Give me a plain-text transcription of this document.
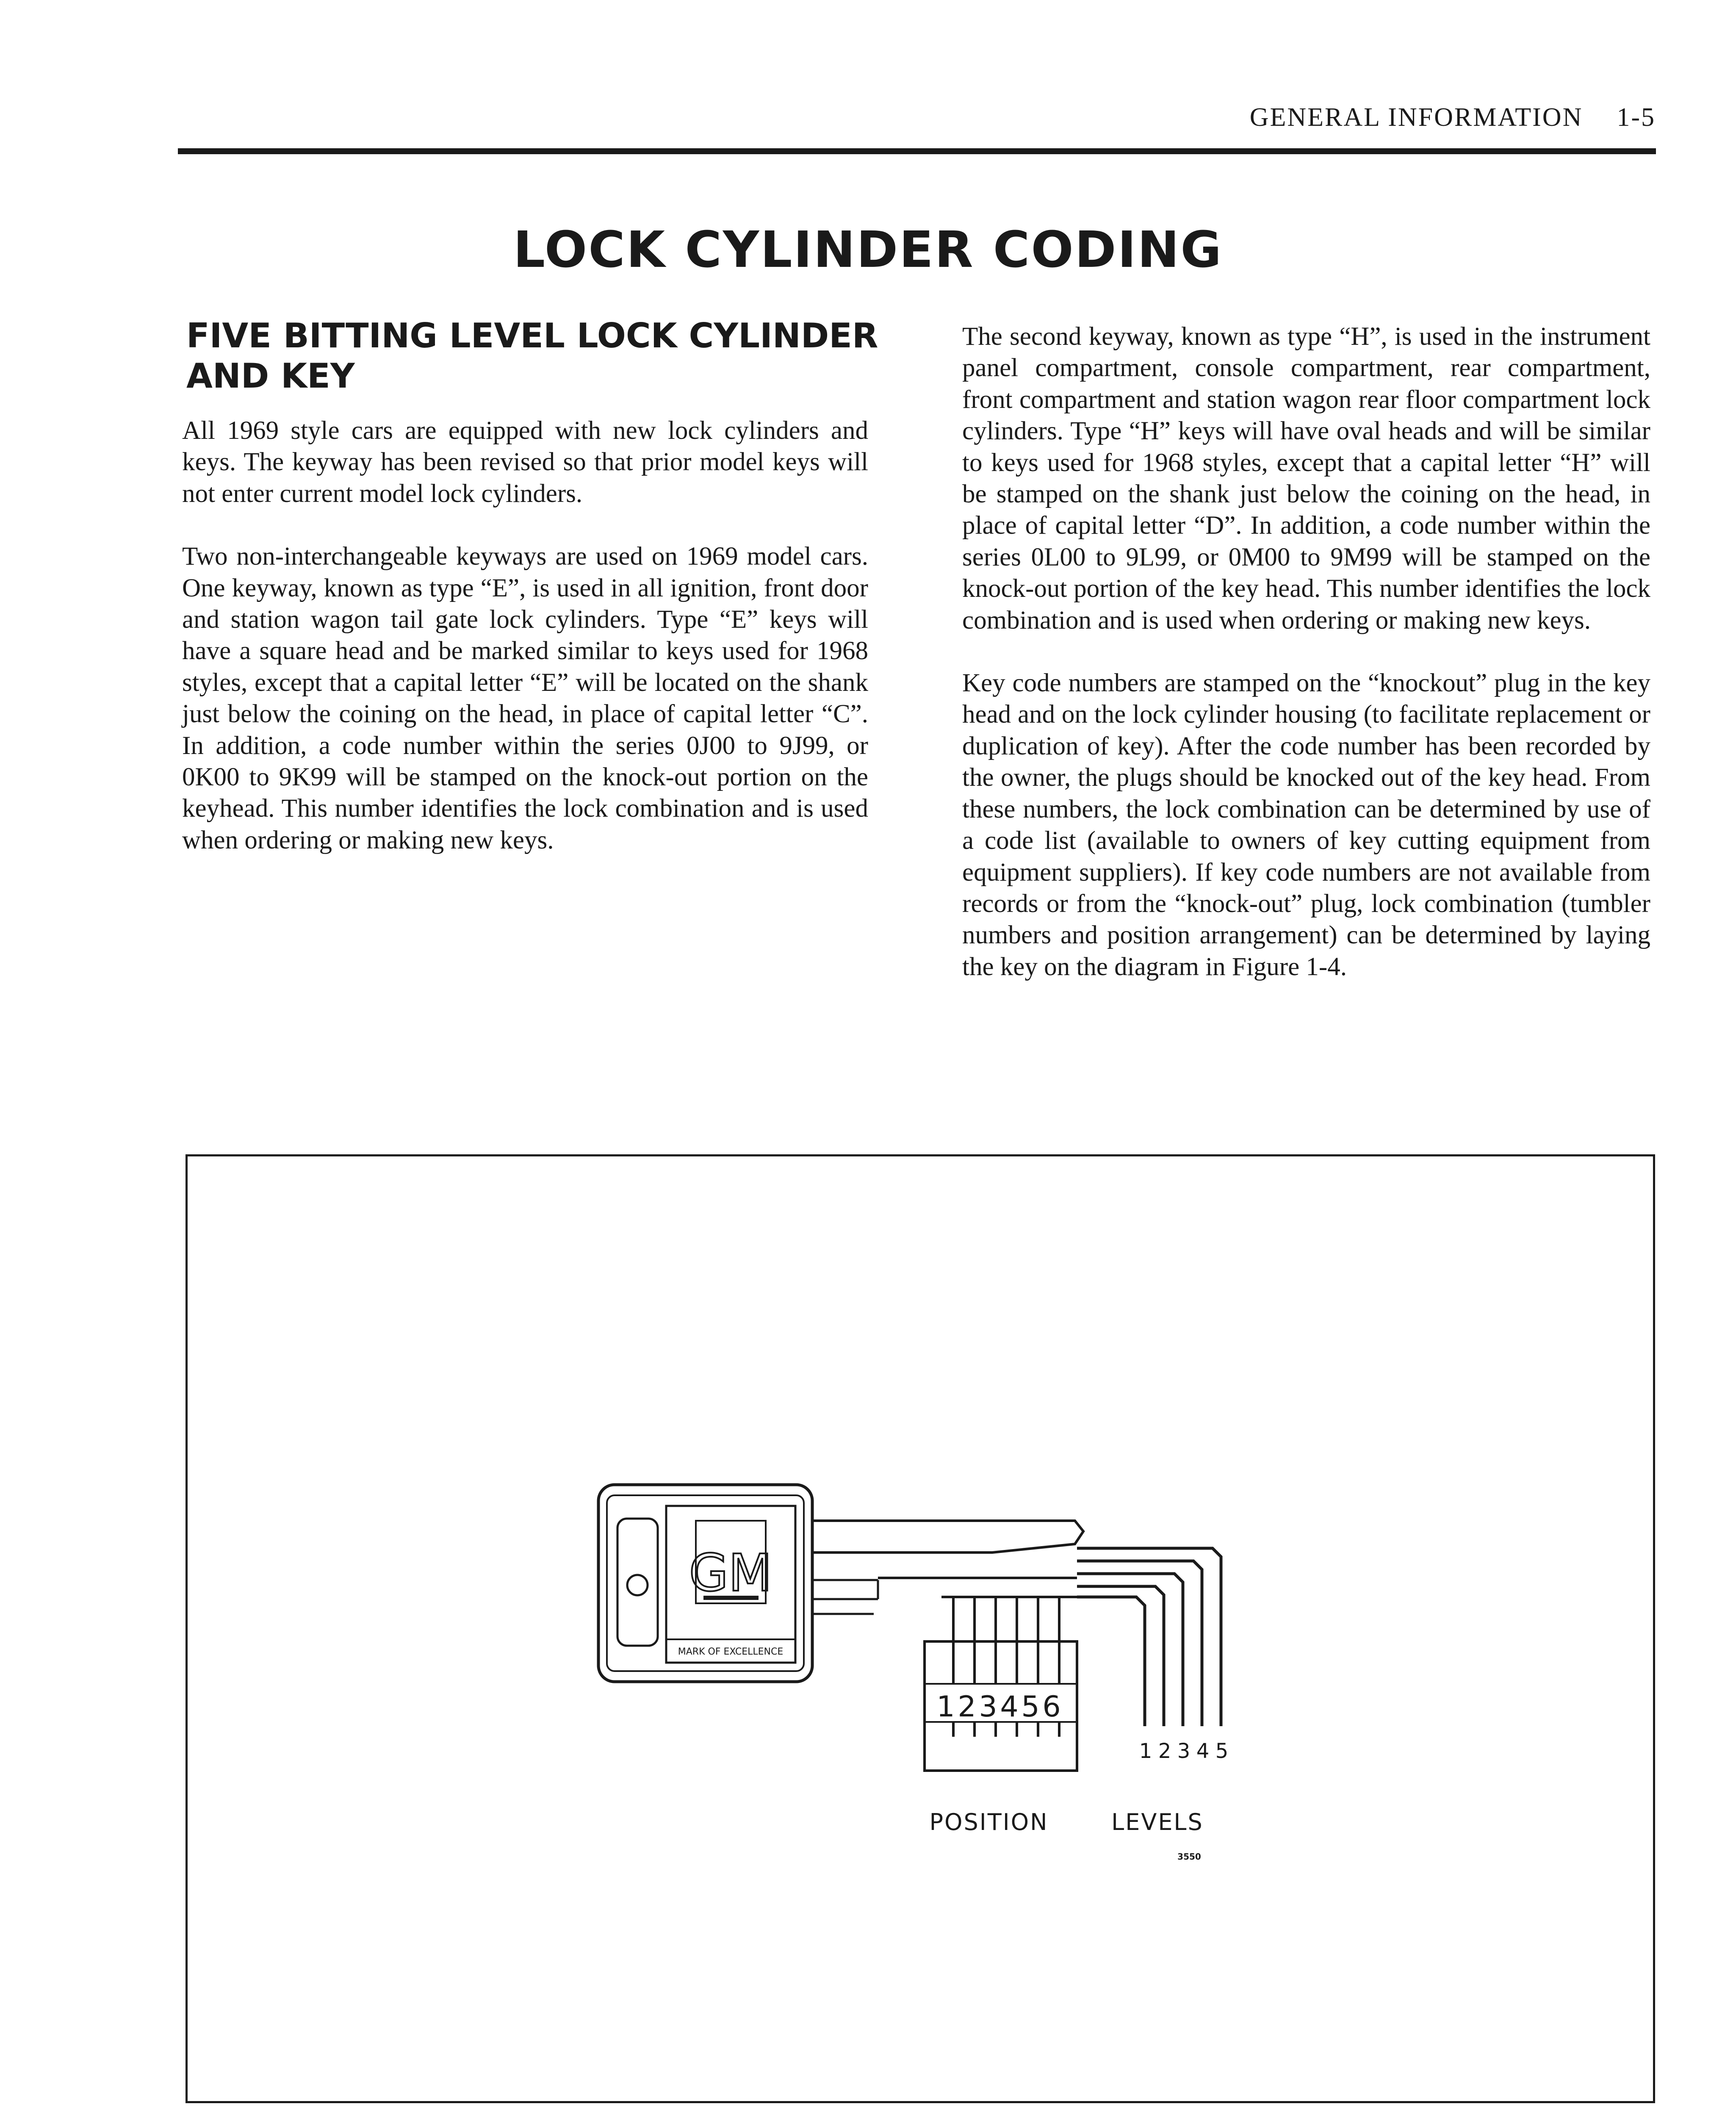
GENERAL INFORMATION 1-5
LOCK CYLINDER CODING
FIVE BITTING LEVEL LOCK CYLINDER
AND KEY

All 1969 style cars are equipped with new lock cylinders and keys. The keyway has been revised so that prior model keys will not enter current model lock cylinders.

Two non-interchangeable keyways are used on 1969 model cars. One keyway, known as type “E”, is used in all ignition, front door and station wagon tail gate lock cylinders. Type “E” keys will have a square head and be marked similar to keys used for 1968 styles, except that a capital letter “E” will be located on the shank just below the coining on the head, in place of capital letter “C”. In addition, a code number within the series 0J00 to 9J99, or 0K00 to 9K99 will be stamped on the knock-out portion on the keyhead. This number identifies the lock combination and is used when ordering or making new keys.

The second keyway, known as type “H”, is used in the instrument panel compartment, console compartment, rear compartment, front compartment and station wagon rear floor compartment lock cylinders. Type “H” keys will have oval heads and will be similar to keys used for 1968 styles, except that a capital letter “H” will be stamped on the shank just below the coining on the head, in place of capital letter “D”. In addition, a code number within the series 0L00 to 9L99, or 0M00 to 9M99 will be stamped on the knock-out portion of the key head. This number identifies the lock combination and is used when ordering or making new keys.

Key code numbers are stamped on the “knockout” plug in the key head and on the lock cylinder housing (to facilitate replacement or duplication of key). After the code number has been recorded by the owner, the plugs should be knocked out of the key head. From these numbers, the lock combination can be determined by use of a code list (available to owners of key cutting equipment from equipment suppliers). If key code numbers are not available from records or from the “knock-out” plug, lock combination (tumbler numbers and position arrangement) can be determined by laying the key on the diagram in Figure 1-4.

1 2 3 4 5 6
1 2 3 4 5
GM
MARK OF EXCELLENCE
POSITION	LEVELS
3550
